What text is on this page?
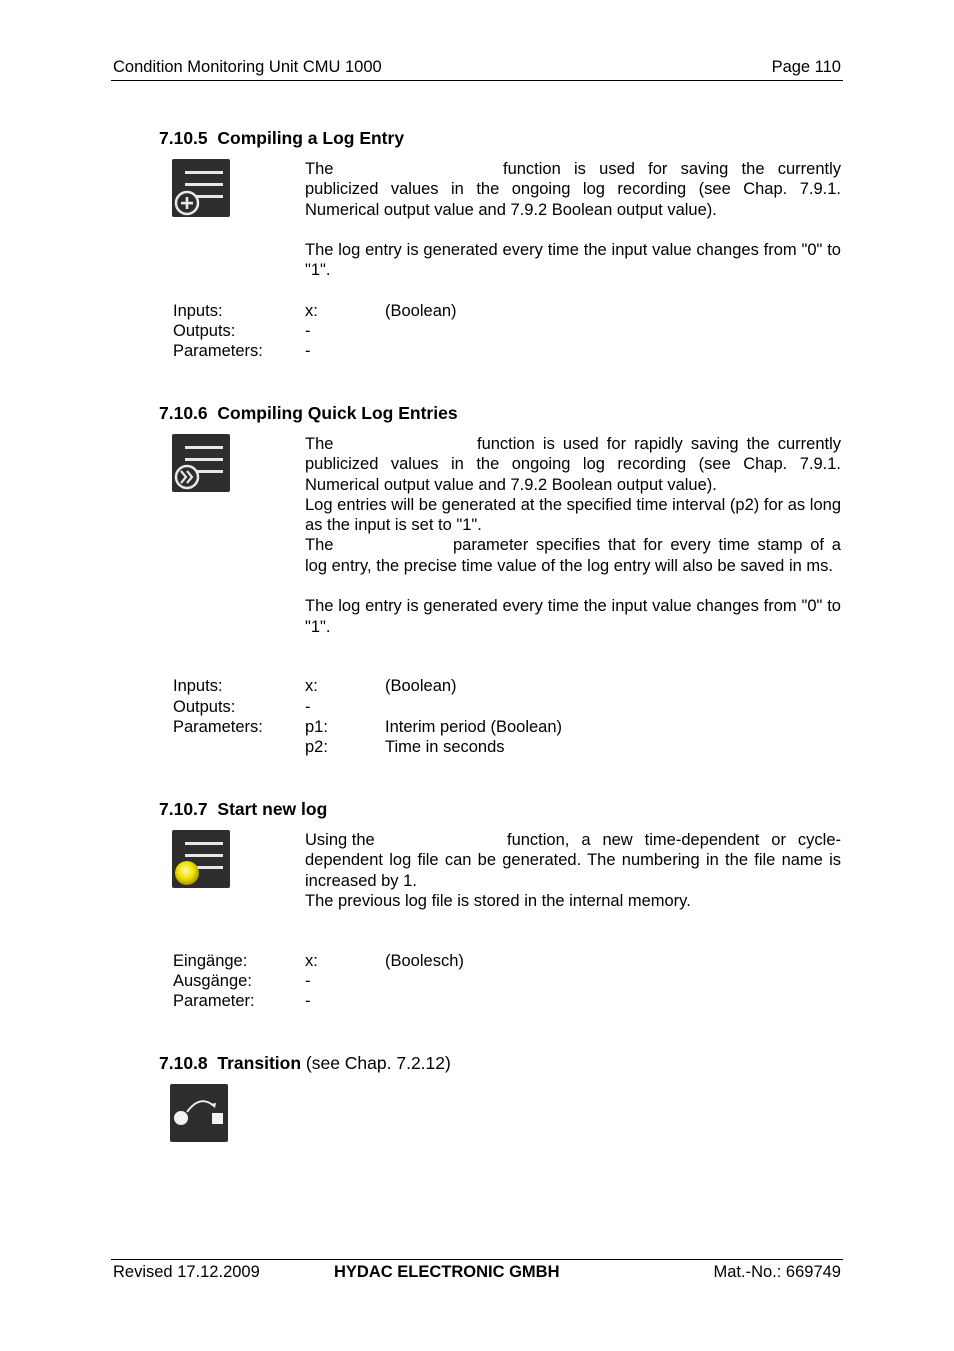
Condition Monitoring Unit CMU 1000	Page 110
7.10.5 Compiling a Log Entry

The	function is used for saving the currently

publicized values in the ongoing log recording (see Chap. 7.9.1. Numerical output value and 7.9.2 Boolean output value).

The log entry is generated every time the input value changes from "0" to "1".

Inputs:	x:	(Boolean)
Outputs:	-
Parameters:	-
7.10.6 Compiling Quick Log Entries

The	function is used for rapidly saving the currently

publicized values in the ongoing log recording (see Chap. 7.9.1. Numerical output value and 7.9.2 Boolean output value).

Log entries will be generated at the specified time interval (p2) for as long as the input is set to "1".

The	parameter specifies that for every time stamp of a

log entry, the precise time value of the log entry will also be saved in ms.

The log entry is generated every time the input value changes from "0" to "1".

Inputs:	x:	(Boolean)
Outputs:	-
Parameters:	p1:	Interim period (Boolean)
p2:	Time in seconds
7.10.7 Start new log

Using the	function, a new time-dependent or cycle-

dependent log file can be generated. The numbering in the file name is increased by 1.

The previous log file is stored in the internal memory.

Eingänge:	x:	(Boolesch)
Ausgänge:	-
Parameter:	-
7.10.8 Transition (see Chap. 7.2.12)
Revised 17.12.2009	HYDAC ELECTRONIC GMBH	Mat.-No.: 669749
